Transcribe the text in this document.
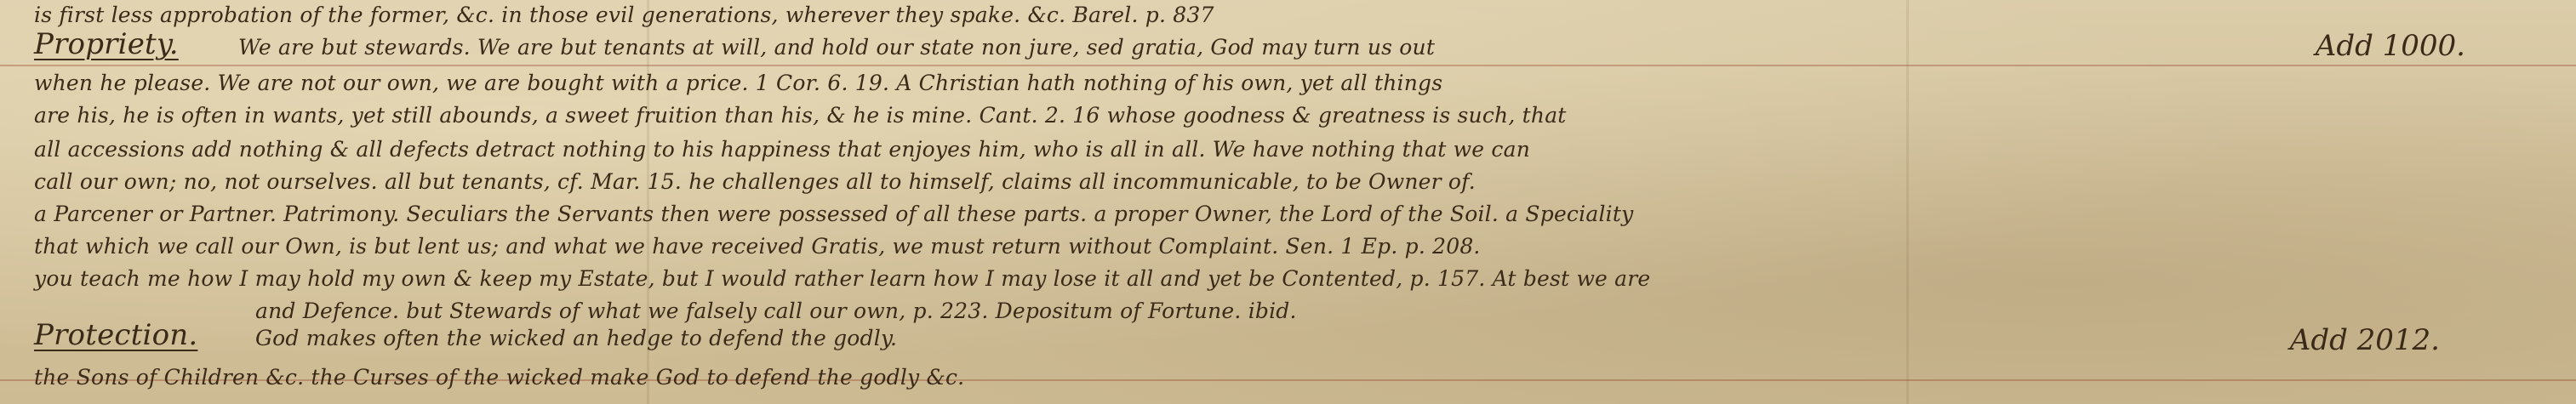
is first less approbation of the former, &c. in those evil generations, wherever they spake. &c. Barel. p. 837

Propriety.	We are but stewards. We are but tenants at will, and hold our state non jure, sed gratia, God may turn us out	Add 1000.

when he please. We are not our own, we are bought with a price. 1 Cor. 6. 19. A Christian hath nothing of his own, yet all things

are his, he is often in wants, yet still abounds, a sweet fruition than his, & he is mine. Cant. 2. 16 whose goodness & greatness is such, that

all accessions add nothing & all defects detract nothing to his happiness that enjoyes him, who is all in all. We have nothing that we can

call our own; no, not ourselves. all but tenants, cf. Mar. 15. he challenges all to himself, claims all incommunicable, to be Owner of.

a Parcener or Partner. Patrimony. Seculiars the Servants then were possessed of all these parts. a proper Owner, the Lord of the Soil. a Speciality

that which we call our Own, is but lent us; and what we have received Gratis, we must return without Complaint. Sen. 1 Ep. p. 208.

you teach me how I may hold my own & keep my Estate, but I would rather learn how I may lose it all and yet be Contented, p. 157. At best we are

and Defence. but Stewards of what we falsely call our own, p. 223. Depositum of Fortune. ibid.

Protection.	God makes often the wicked an hedge to defend the godly.	Add 2012.

the Sons of Children &c. the Curses of the wicked make God to defend the godly &c.
